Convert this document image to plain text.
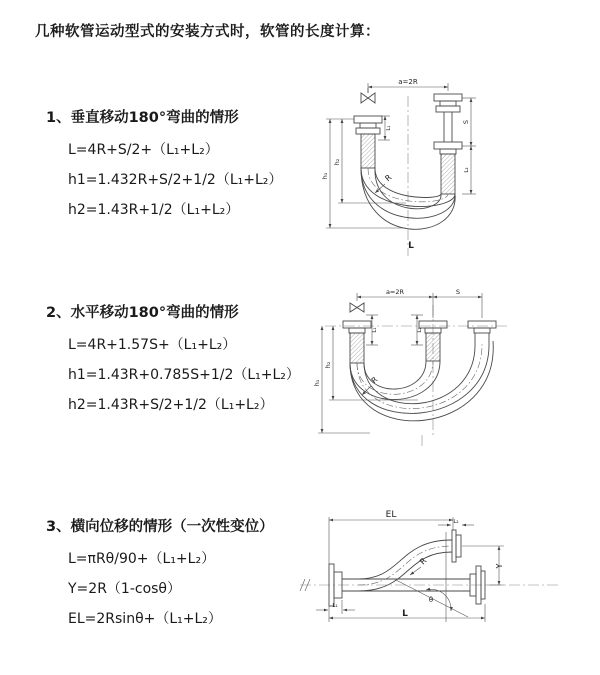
几种软管运动型式的安装方式时，软管的长度计算：
1、垂直移动180°弯曲的情形
L=4R+S/2+（L₁+L₂）
h1=1.432R+S/2+1/2（L₁+L₂）
h2=1.43R+1/2（L₁+L₂）
2、水平移动180°弯曲的情形
L=4R+1.57S+（L₁+L₂）
h1=1.43R+0.785S+1/2（L₁+L₂）
h2=1.43R+S/2+1/2（L₁+L₂）
3、横向位移的情形（一次性变位）
L=πRθ/90+（L₁+L₂）
Y=2R（1-cosθ）
EL=2Rsinθ+（L₁+L₂）
a=2R
h₁
h₂
L₁
S
L₂
R
L
a=2R	S
L₁	L₂
h₁
h₂
R
EL
L₂
Y
θ
R
L₁
L
